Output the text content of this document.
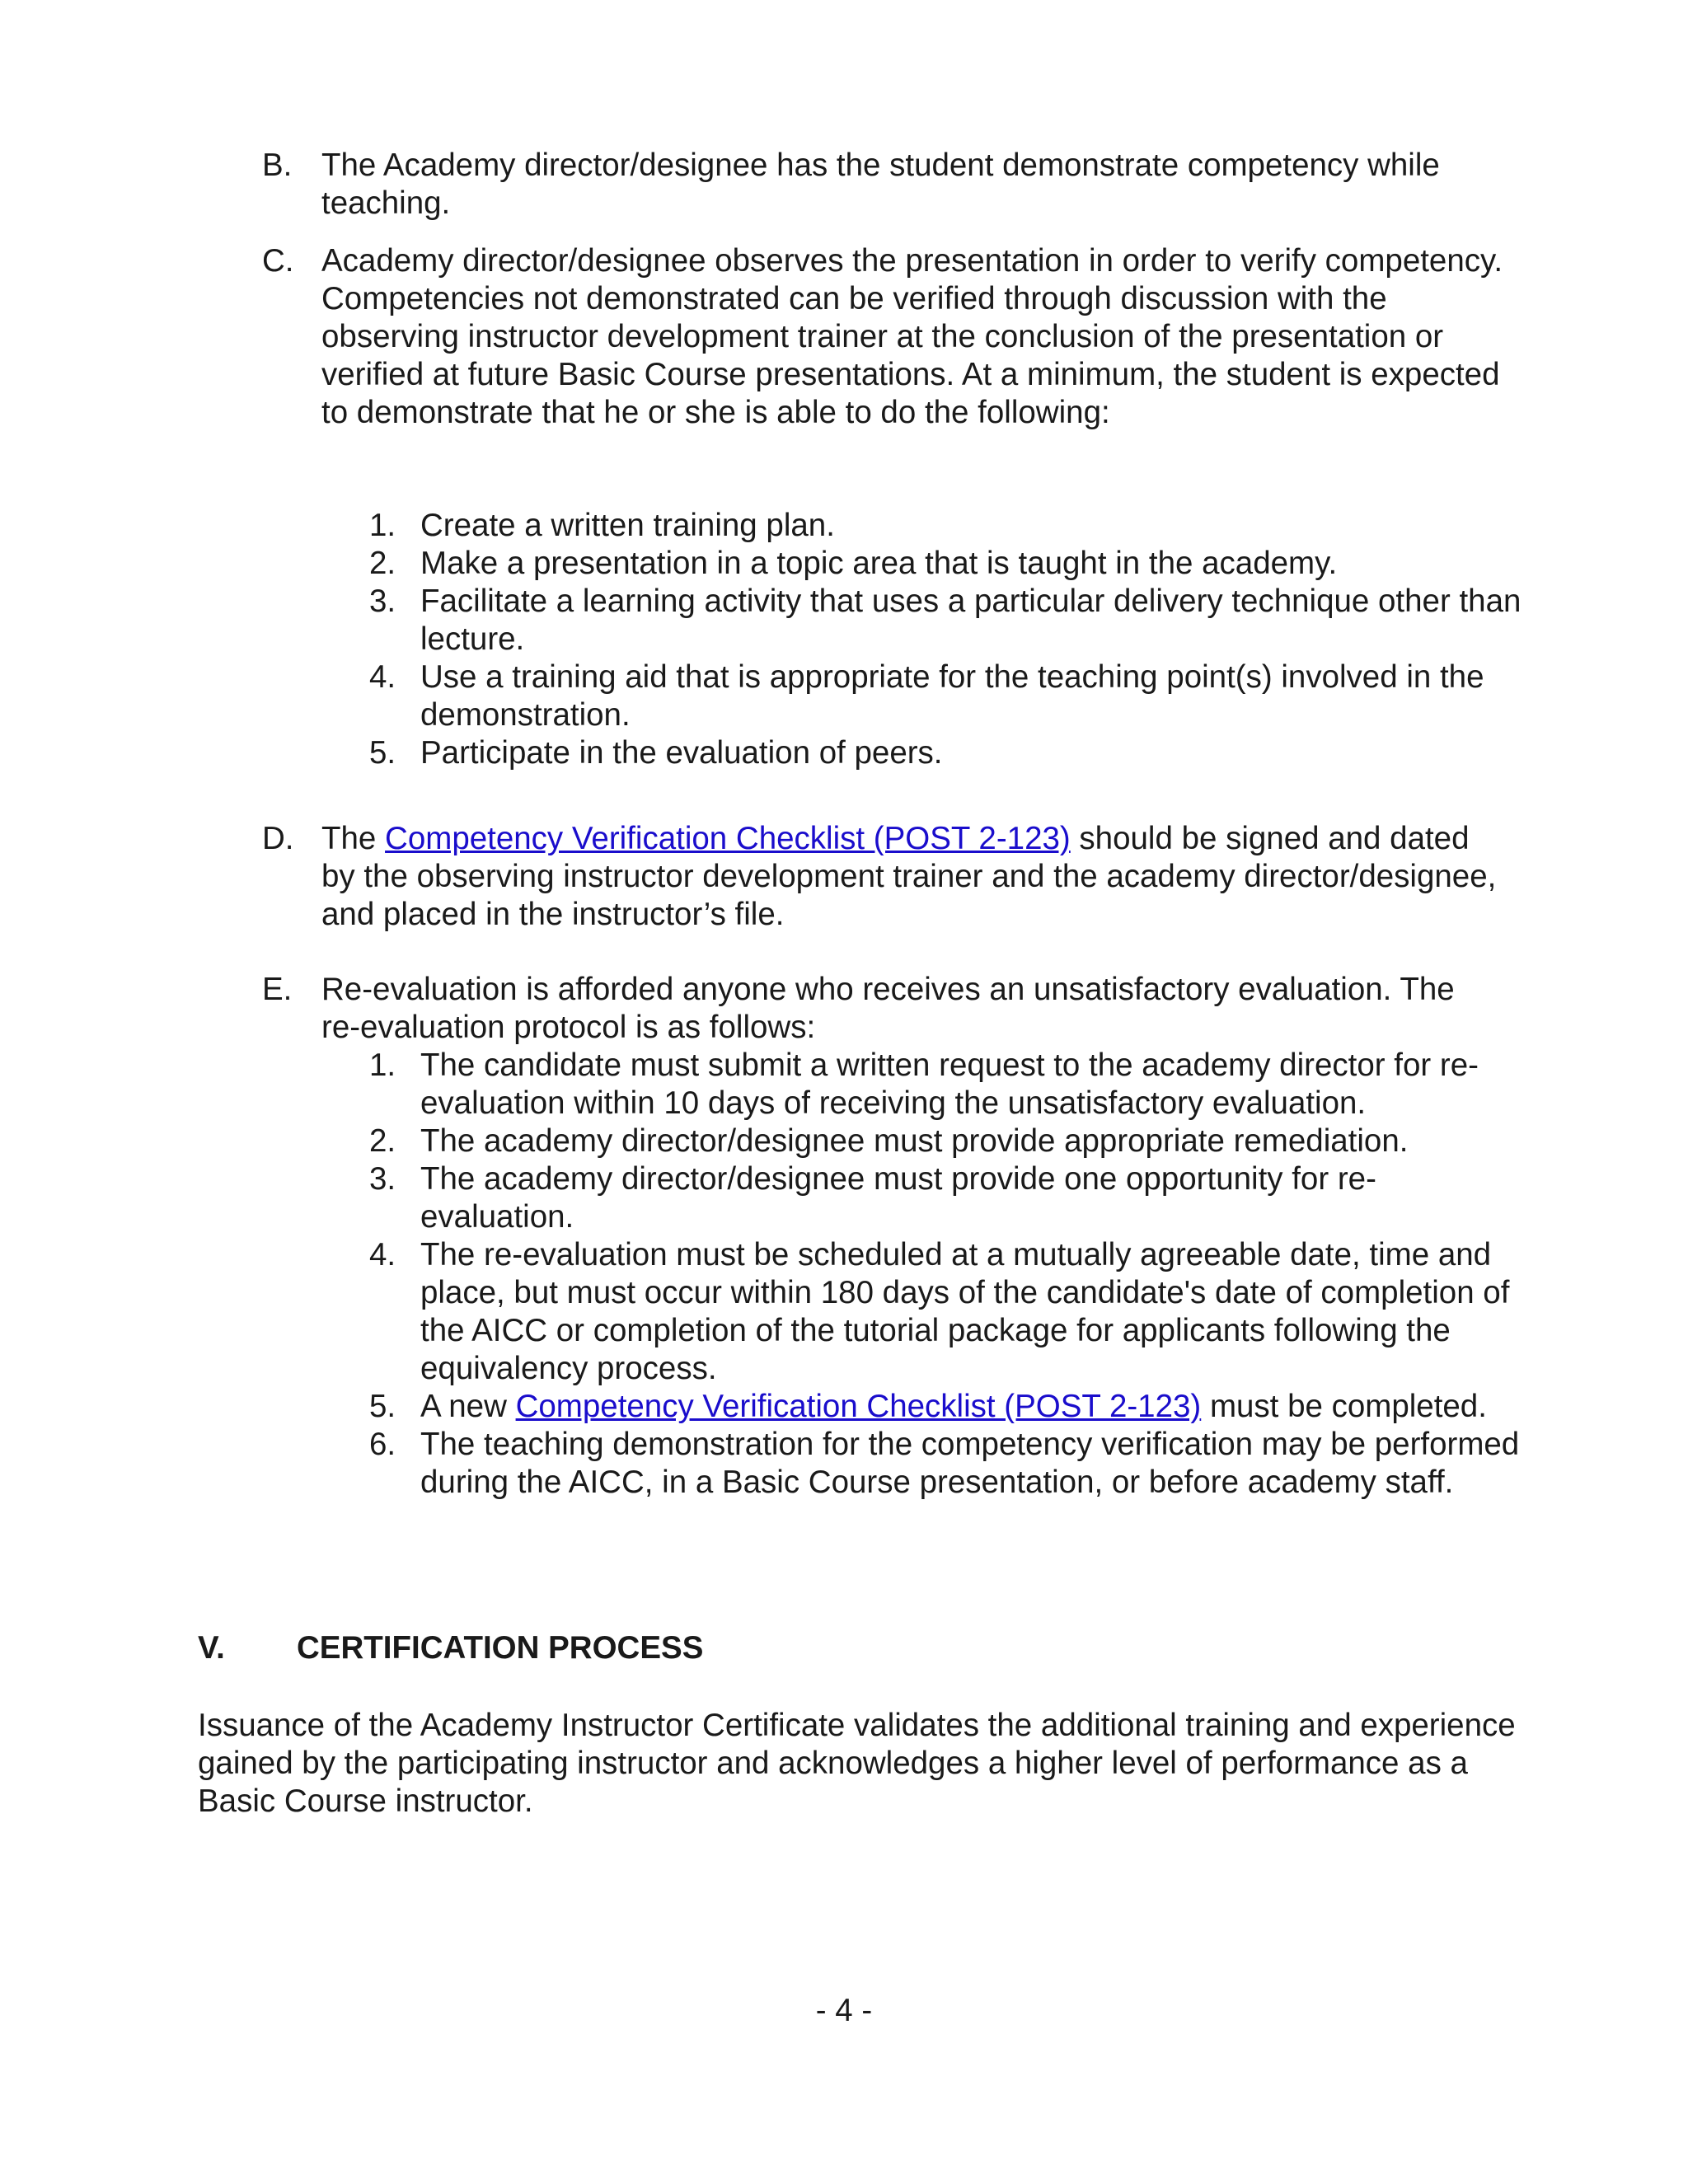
B. The Academy director/designee has the student demonstrate competency while teaching.

C. Academy director/designee observes the presentation in order to verify competency. Competencies not demonstrated can be verified through discussion with the observing instructor development trainer at the conclusion of the presentation or verified at future Basic Course presentations. At a minimum, the student is expected to demonstrate that he or she is able to do the following:

1. Create a written training plan.
2. Make a presentation in a topic area that is taught in the academy.
3. Facilitate a learning activity that uses a particular delivery technique other than lecture.
4. Use a training aid that is appropriate for the teaching point(s) involved in the demonstration.
5. Participate in the evaluation of peers.
D. The Competency Verification Checklist (POST 2-123) should be signed and dated by the observing instructor development trainer and the academy director/designee, and placed in the instructor’s file.

E. Re-evaluation is afforded anyone who receives an unsatisfactory evaluation. The re-evaluation protocol is as follows:

1. The candidate must submit a written request to the academy director for re-evaluation within 10 days of receiving the unsatisfactory evaluation.
2. The academy director/designee must provide appropriate remediation.
3. The academy director/designee must provide one opportunity for re-evaluation.
4. The re-evaluation must be scheduled at a mutually agreeable date, time and place, but must occur within 180 days of the candidate's date of completion of the AICC or completion of the tutorial package for applicants following the equivalency process.
5. A new Competency Verification Checklist (POST 2-123) must be completed.
6. The teaching demonstration for the competency verification may be performed during the AICC, in a Basic Course presentation, or before academy staff.
V. CERTIFICATION PROCESS

Issuance of the Academy Instructor Certificate validates the additional training and experience gained by the participating instructor and acknowledges a higher level of performance as a Basic Course instructor.

- 4 -
